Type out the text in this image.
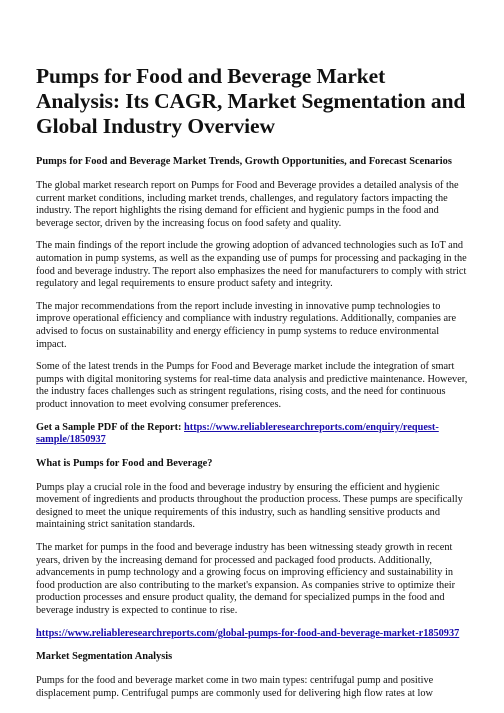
Pumps for Food and Beverage Market Analysis: Its CAGR, Market Segmentation and Global Industry Overview
Pumps for Food and Beverage Market Trends, Growth Opportunities, and Forecast Scenarios

The global market research report on Pumps for Food and Beverage provides a detailed analysis of the current market conditions, including market trends, challenges, and regulatory factors impacting the industry. The report highlights the rising demand for efficient and hygienic pumps in the food and beverage sector, driven by the increasing focus on food safety and quality.

The main findings of the report include the growing adoption of advanced technologies such as IoT and automation in pump systems, as well as the expanding use of pumps for processing and packaging in the food and beverage industry. The report also emphasizes the need for manufacturers to comply with strict regulatory and legal requirements to ensure product safety and integrity.

The major recommendations from the report include investing in innovative pump technologies to improve operational efficiency and compliance with industry regulations. Additionally, companies are advised to focus on sustainability and energy efficiency in pump systems to reduce environmental impact.

Some of the latest trends in the Pumps for Food and Beverage market include the integration of smart pumps with digital monitoring systems for real-time data analysis and predictive maintenance. However, the industry faces challenges such as stringent regulations, rising costs, and the need for continuous product innovation to meet evolving consumer preferences.

Get a Sample PDF of the Report: https://www.reliableresearchreports.com/enquiry/request-sample/1850937

What is Pumps for Food and Beverage?

Pumps play a crucial role in the food and beverage industry by ensuring the efficient and hygienic movement of ingredients and products throughout the production process. These pumps are specifically designed to meet the unique requirements of this industry, such as handling sensitive products and maintaining strict sanitation standards.

The market for pumps in the food and beverage industry has been witnessing steady growth in recent years, driven by the increasing demand for processed and packaged food products. Additionally, advancements in pump technology and a growing focus on improving efficiency and sustainability in food production are also contributing to the market's expansion. As companies strive to optimize their production processes and ensure product quality, the demand for specialized pumps in the food and beverage industry is expected to continue to rise.

https://www.reliableresearchreports.com/global-pumps-for-food-and-beverage-market-r1850937
Market Segmentation Analysis

Pumps for the food and beverage market come in two main types: centrifugal pump and positive displacement pump. Centrifugal pumps are commonly used for delivering high flow rates at low
